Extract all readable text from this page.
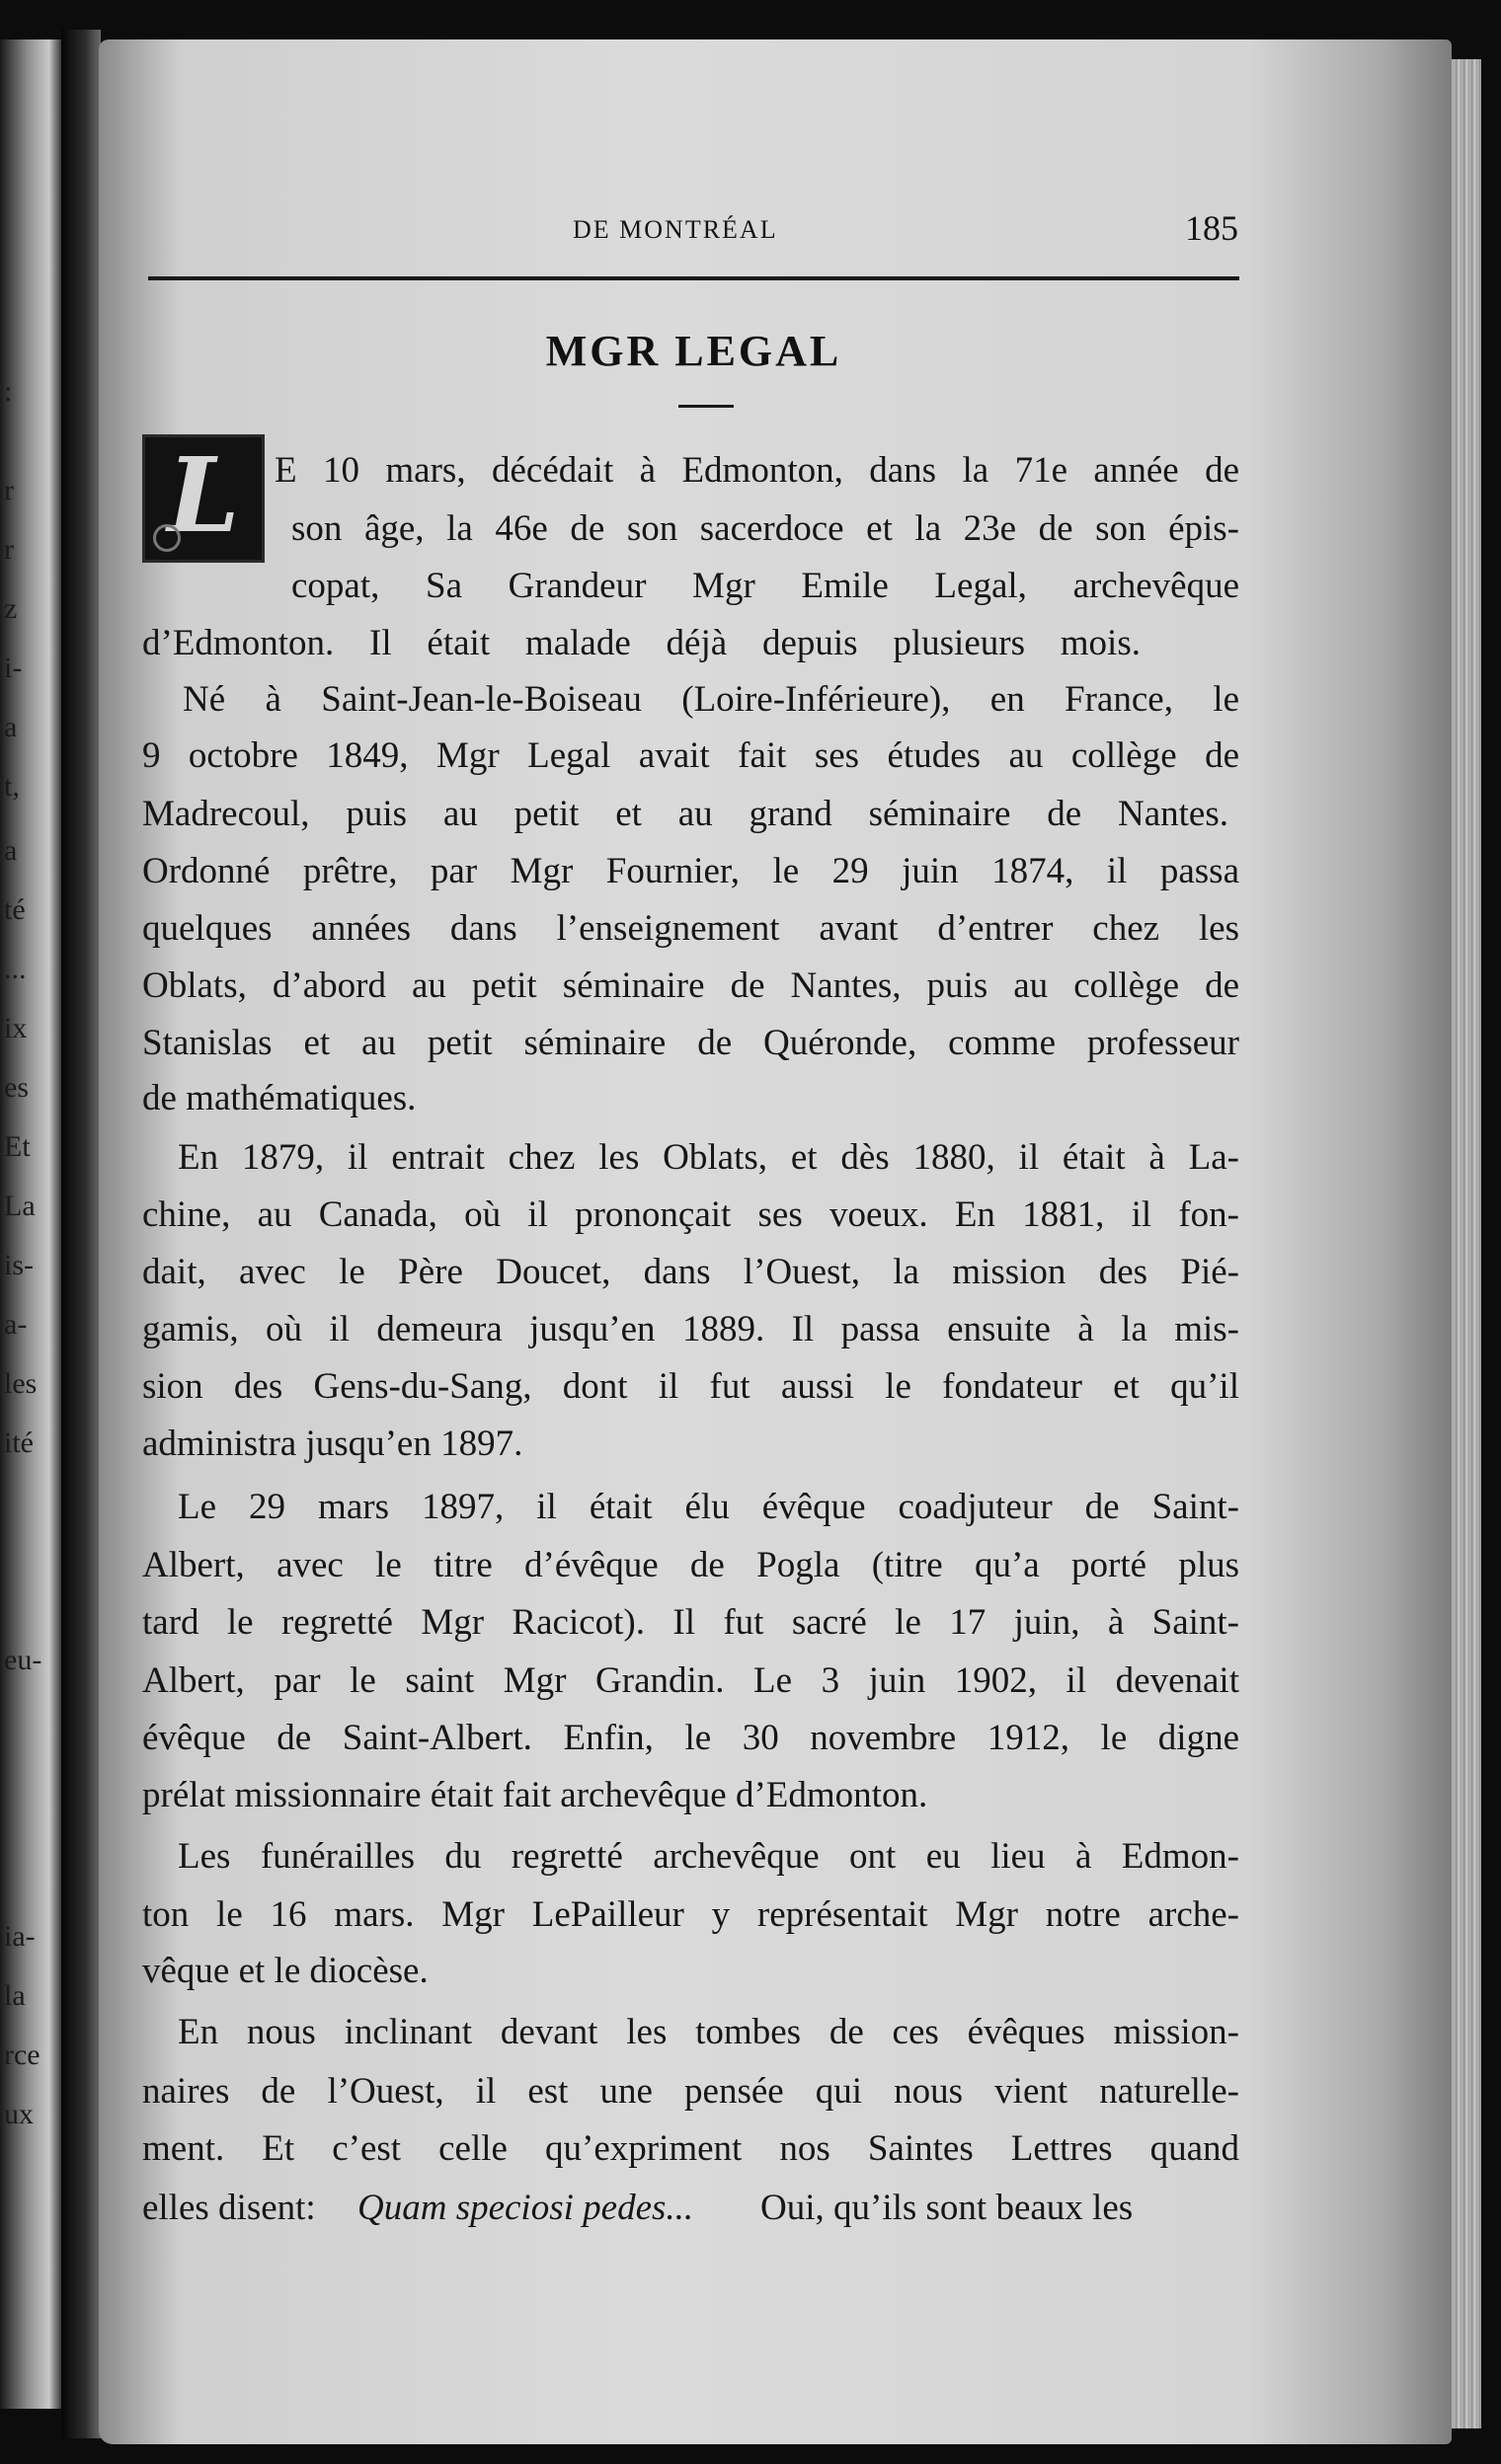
:
r
r
z
i-
a
t,
a
té
...
ix
es
Et
La
is-
a-
les
ité
eu-
ia-
la
rce
ux
DE MONTRÉAL	185
MGR LEGAL
L E 10 mars, décédait à Edmonton, dans la 71e année de
son âge, la 46e de son sacerdoce et la 23e de son épis-
copat, Sa Grandeur Mgr Emile Legal, archevêque
d’Edmonton. Il était malade déjà depuis plusieurs mois.
Né à Saint-Jean-le-Boiseau (Loire-Inférieure), en France, le
9 octobre 1849, Mgr Legal avait fait ses études au collège de
Madrecoul, puis au petit et au grand séminaire de Nantes.
Ordonné prêtre, par Mgr Fournier, le 29 juin 1874, il passa
quelques années dans l’enseignement avant d’entrer chez les
Oblats, d’abord au petit séminaire de Nantes, puis au collège de
Stanislas et au petit séminaire de Quéronde, comme professeur
de mathématiques.
En 1879, il entrait chez les Oblats, et dès 1880, il était à La-
chine, au Canada, où il prononçait ses voeux. En 1881, il fon-
dait, avec le Père Doucet, dans l’Ouest, la mission des Pié-
gamis, où il demeura jusqu’en 1889. Il passa ensuite à la mis-
sion des Gens-du-Sang, dont il fut aussi le fondateur et qu’il
administra jusqu’en 1897.
Le 29 mars 1897, il était élu évêque coadjuteur de Saint-
Albert, avec le titre d’évêque de Pogla (titre qu’a porté plus
tard le regretté Mgr Racicot). Il fut sacré le 17 juin, à Saint-
Albert, par le saint Mgr Grandin. Le 3 juin 1902, il devenait
évêque de Saint-Albert. Enfin, le 30 novembre 1912, le digne
prélat missionnaire était fait archevêque d’Edmonton.
Les funérailles du regretté archevêque ont eu lieu à Edmon-
ton le 16 mars. Mgr LePailleur y représentait Mgr notre arche-
vêque et le diocèse.
En nous inclinant devant les tombes de ces évêques mission-
naires de l’Ouest, il est une pensée qui nous vient naturelle-
ment. Et c’est celle qu’expriment nos Saintes Lettres quand
elles disent: Quam speciosi pedes... Oui, qu’ils sont beaux les
